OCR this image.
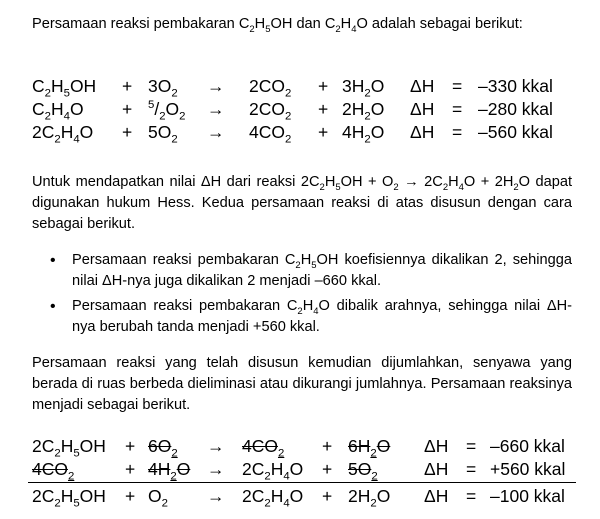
Persamaan reaksi pembakaran $C_2H_5OH$ dan $C_2H_4O$ adalah sebagai berikut:

$C_2H_5OH + 3O_2 \to 2CO_2 + 3H_2O$ ΔH = –330 kkal
$C_2H_4O + ^5/_2O_2 \to 2CO_2 + 2H_2O$ ΔH = –280 kkal
$2C_2H_4O + 5O_2 \to 4CO_2 + 4H_2O$ ΔH = –560 kkal

Untuk mendapatkan nilai ΔH dari reaksi $2C_2H_5OH + O_2 \to 2C_2H_4O + 2H_2O$ dapat digunakan hukum Hess. Kedua persamaan reaksi di atas disusun dengan cara sebagai berikut.

• Persamaan reaksi pembakaran $C_2H_5OH$ koefisiennya dikalikan 2, sehingga nilai ΔH-nya juga dikalikan 2 menjadi –660 kkal.
• Persamaan reaksi pembakaran $C_2H_4O$ dibalik arahnya, sehingga nilai ΔH-nya berubah tanda menjadi +560 kkal.

Persamaan reaksi yang telah disusun kemudian dijumlahkan, senyawa yang berada di ruas berbeda dieliminasi atau dikurangi jumlahnya. Persamaan reaksinya menjadi sebagai berikut.

$2C_2H_5OH + 6O_2 \to 4CO_2 + 6H_2O$ ΔH = –660 kkal
$4CO_2$	+ $4H_2O \to 2C_2H_4O + 5O_2$	ΔH = +560 kkal
$2C_2H_5OH + O_2 \to 2C_2H_4O + 2H_2O$ ΔH = –100 kkal
